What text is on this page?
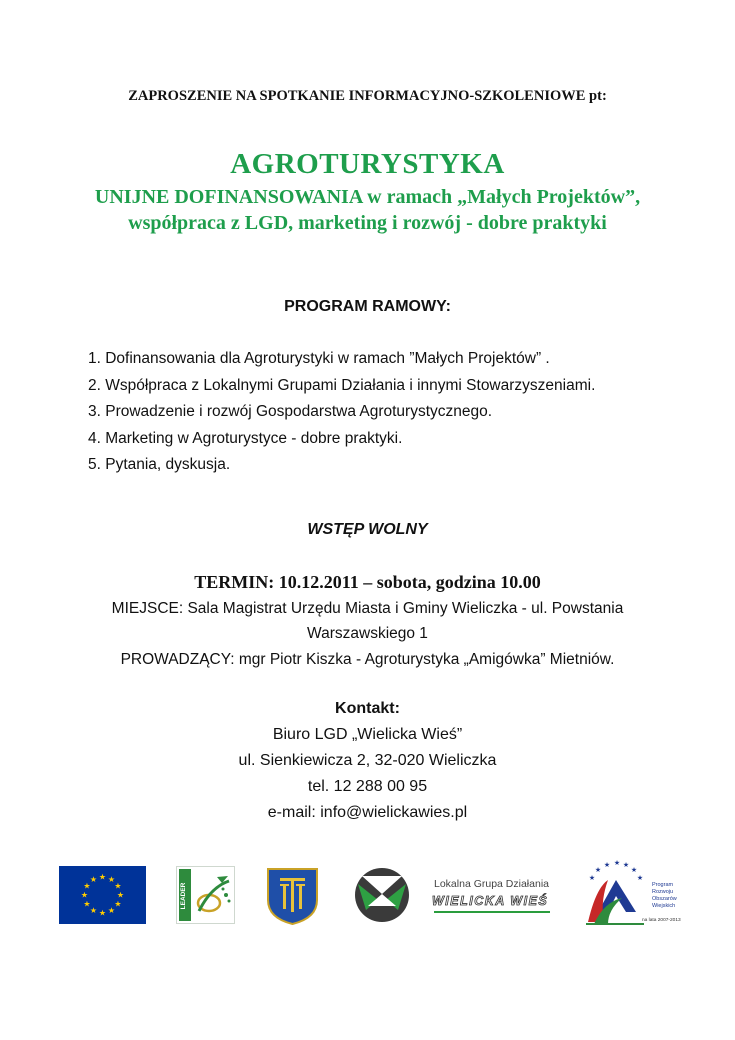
ZAPROSZENIE NA SPOTKANIE INFORMACYJNO-SZKOLENIOWE pt:
AGROTURYSTYKA
UNIJNE DOFINANSOWANIA w ramach „Małych Projektów”,
współpraca z LGD, marketing i rozwój - dobre praktyki
PROGRAM RAMOWY:
1. Dofinansowania dla Agroturystyki w ramach ”Małych Projektów” .
2. Współpraca z Lokalnymi Grupami Działania i innymi Stowarzyszeniami.
3. Prowadzenie i rozwój Gospodarstwa Agroturystycznego.
4. Marketing w Agroturystyce - dobre praktyki.
5. Pytania, dyskusja.
WSTĘP WOLNY
TERMIN: 10.12.2011 – sobota, godzina 10.00
MIEJSCE: Sala Magistrat Urzędu Miasta i Gminy Wieliczka - ul. Powstania
Warszawskiego 1
PROWADZĄCY: mgr Piotr Kiszka - Agroturystyka „Amigówka” Mietniów.
Kontakt:
Biuro LGD „Wielicka Wieś”
ul. Sienkiewicza 2, 32-020 Wieliczka
tel. 12 288 00 95
e-mail: info@wielickawies.pl
★ ★
★
★
★
★
★
★
★
★
★
★
LEADER	Lokalna Grupa Działania
WIELICKA WIEŚ
★
★
★ ★ ★
★
★
Program
Rozwoju
Obszarów
Wiejskich
na lata 2007-2013
